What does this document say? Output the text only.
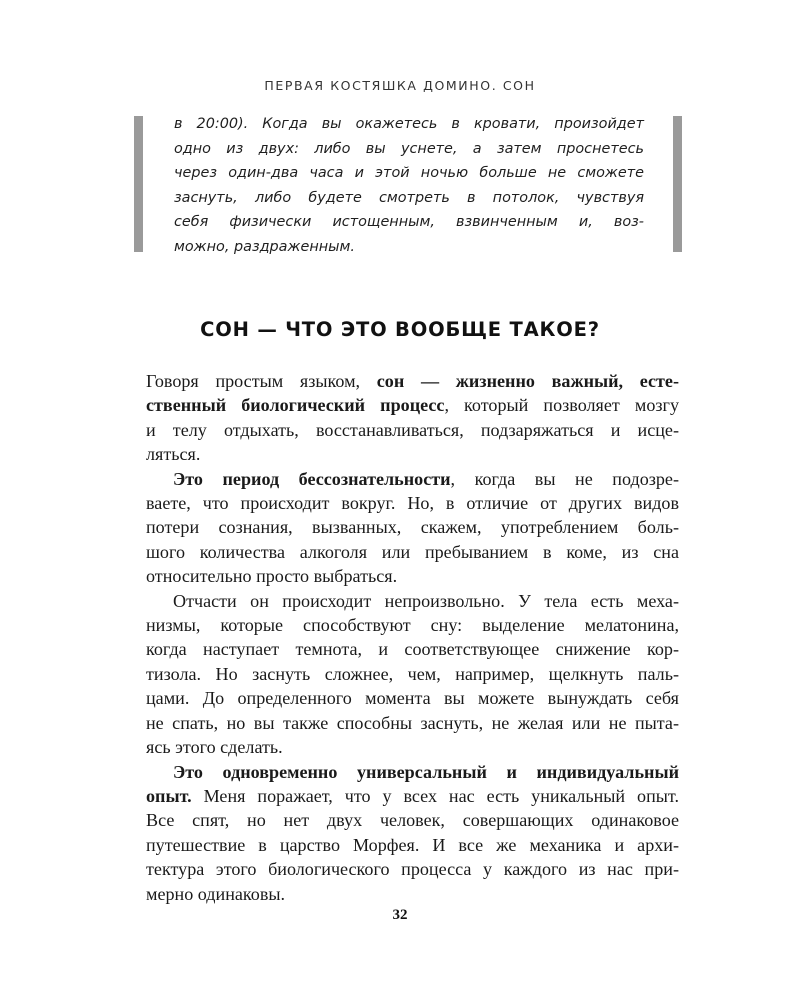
ПЕРВАЯ КОСТЯШКА ДОМИНО. СОН
в 20:00). Когда вы окажетесь в кровати, произойдет
одно из двух: либо вы уснете, а затем проснетесь
через один-два часа и этой ночью больше не сможете
заснуть, либо будете смотреть в потолок, чувствуя
себя физически истощенным, взвинченным и, воз-
можно, раздраженным.
СОН — ЧТО ЭТО ВООБЩЕ ТАКОЕ?
Говоря простым языком, сон — жизненно важный, есте-
ственный биологический процесс, который позволяет мозгу
и телу отдыхать, восстанавливаться, подзаряжаться и исце-
ляться.
Это период бессознательности, когда вы не подозре-
ваете, что происходит вокруг. Но, в отличие от других видов
потери сознания, вызванных, скажем, употреблением боль-
шого количества алкоголя или пребыванием в коме, из сна
относительно просто выбраться.
Отчасти он происходит непроизвольно. У тела есть меха-
низмы, которые способствуют сну: выделение мелатонина,
когда наступает темнота, и соответствующее снижение кор-
тизола. Но заснуть сложнее, чем, например, щелкнуть паль-
цами. До определенного момента вы можете вынуждать себя
не спать, но вы также способны заснуть, не желая или не пыта-
ясь этого сделать.
Это одновременно универсальный и индивидуальный
опыт. Меня поражает, что у всех нас есть уникальный опыт.
Все спят, но нет двух человек, совершающих одинаковое
путешествие в царство Морфея. И все же механика и архи-
тектура этого биологического процесса у каждого из нас при-
мерно одинаковы.
32
